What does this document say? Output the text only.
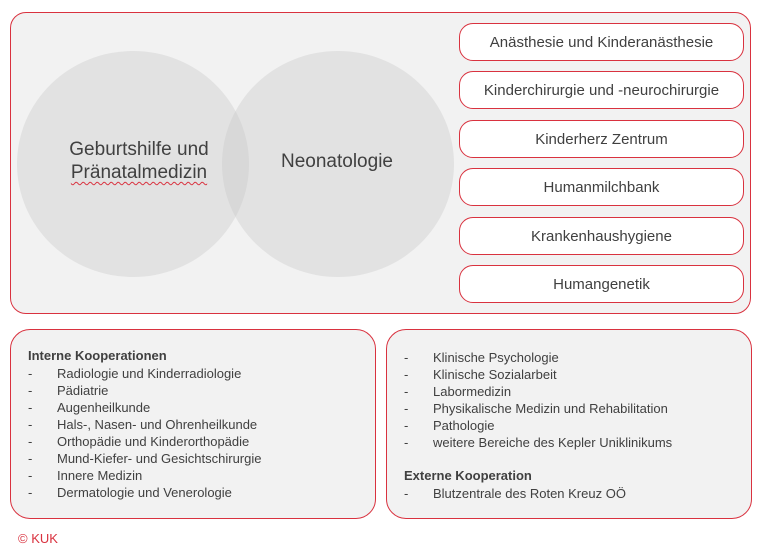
Geburtshilfe und
Pränatalmedizin
Neonatologie
Anästhesie und Kinderanästhesie
Kinderchirurgie und -neurochirurgie
Kinderherz Zentrum
Humanmilchbank
Krankenhaushygiene
Humangenetik
Interne Kooperationen
- Radiologie und Kinderradiologie
- Pädiatrie
- Augenheilkunde
- Hals-, Nasen- und Ohrenheilkunde
- Orthopädie und Kinderorthopädie
- Mund-Kiefer- und Gesichtschirurgie
- Innere Medizin
- Dermatologie und Venerologie
- Klinische Psychologie
- Klinische Sozialarbeit
- Labormedizin
- Physikalische Medizin und Rehabilitation
- Pathologie
- weitere Bereiche des Kepler Uniklinikums
Externe Kooperation
- Blutzentrale des Roten Kreuz OÖ
© KUK
